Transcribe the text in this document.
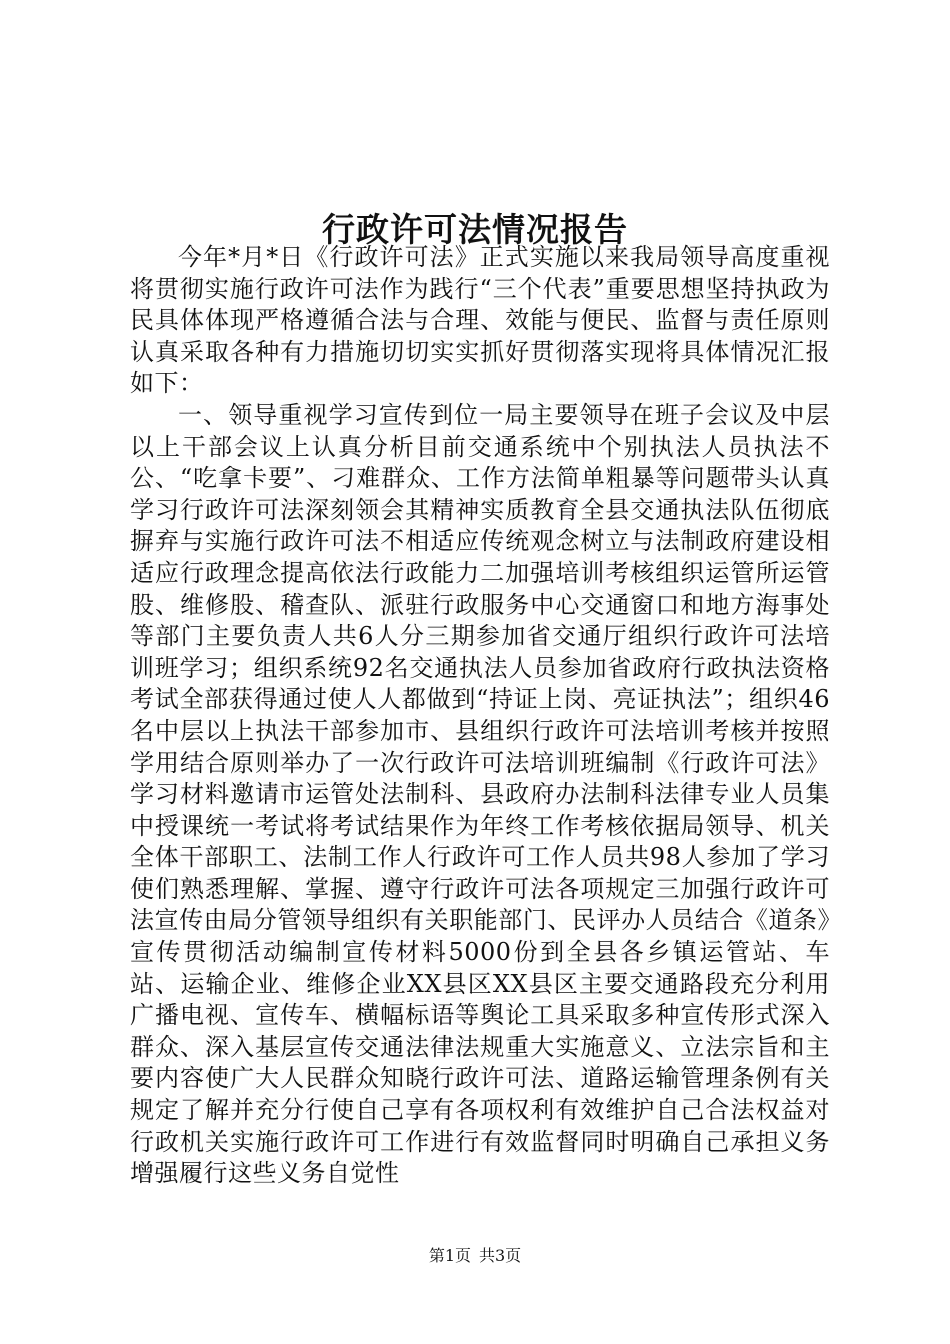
行政许可法情况报告

今年*月*日《行政许可法》正式实施以来我局领导高度重视将贯彻实施行政许可法作为践行“三个代表”重要思想坚持执政为民具体体现严格遵循合法与合理、效能与便民、监督与责任原则认真采取各种有力措施切切实实抓好贯彻落实现将具体情况汇报如下：

一、领导重视学习宣传到位一局主要领导在班子会议及中层以上干部会议上认真分析目前交通系统中个别执法人员执法不公、“吃拿卡要”、刁难群众、工作方法简单粗暴等问题带头认真学习行政许可法深刻领会其精神实质教育全县交通执法队伍彻底摒弃与实施行政许可法不相适应传统观念树立与法制政府建设相适应行政理念提高依法行政能力二加强培训考核组织运管所运管股、维修股、稽查队、派驻行政服务中心交通窗口和地方海事处等部门主要负责人共6人分三期参加省交通厅组织行政许可法培训班学习；组织系统92名交通执法人员参加省政府行政执法资格考试全部获得通过使人人都做到“持证上岗、亮证执法”；组织46名中层以上执法干部参加市、县组织行政许可法培训考核并按照学用结合原则举办了一次行政许可法培训班编制《行政许可法》学习材料邀请市运管处法制科、县政府办法制科法律专业人员集中授课统一考试将考试结果作为年终工作考核依据局领导、机关全体干部职工、法制工作人行政许可工作人员共98人参加了学习使们熟悉理解、掌握、遵守行政许可法各项规定三加强行政许可法宣传由局分管领导组织有关职能部门、民评办人员结合《道条》宣传贯彻活动编制宣传材料5000份到全县各乡镇运管站、车站、运输企业、维修企业XX县区XX县区主要交通路段充分利用广播电视、宣传车、横幅标语等舆论工具采取多种宣传形式深入群众、深入基层宣传交通法律法规重大实施意义、立法宗旨和主要内容使广大人民群众知晓行政许可法、道路运输管理条例有关规定了解并充分行使自己享有各项权利有效维护自己合法权益对行政机关实施行政许可工作进行有效监督同时明确自己承担义务增强履行这些义务自觉性

第1页 共3页
